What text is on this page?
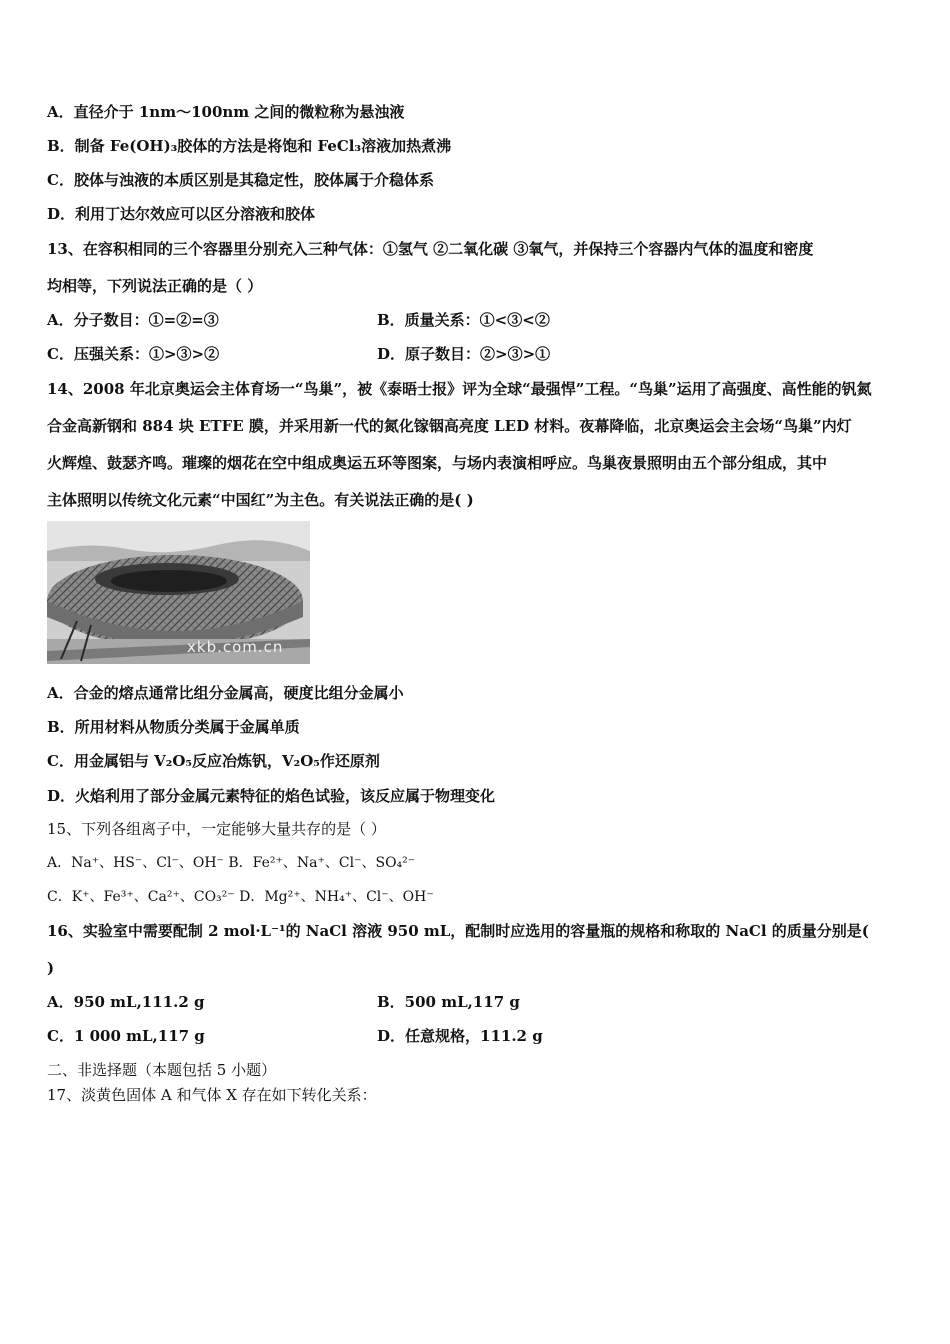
A．直径介于 1nm～100nm 之间的微粒称为悬浊液
B．制备 Fe(OH)₃胶体的方法是将饱和 FeCl₃溶液加热煮沸
C．胶体与浊液的本质区别是其稳定性，胶体属于介稳体系
D．利用丁达尔效应可以区分溶液和胶体
13、在容积相同的三个容器里分别充入三种气体：①氢气 ②二氧化碳 ③氧气，并保持三个容器内气体的温度和密度
均相等，下列说法正确的是（ ）
A．分子数目：①=②=③	B．质量关系：①<③<②
C．压强关系：①>③>②	D．原子数目：②>③>①
14、2008 年北京奥运会主体育场一“鸟巢”，被《泰晤士报》评为全球“最强悍”工程。“鸟巢”运用了高强度、高性能的钒氮
合金高新钢和 884 块 ETFE 膜，并采用新一代的氮化镓铟高亮度 LED 材料。夜幕降临，北京奥运会主会场“鸟巢”内灯
火辉煌、鼓瑟齐鸣。璀璨的烟花在空中组成奥运五环等图案，与场内表演相呼应。鸟巢夜景照明由五个部分组成，其中
主体照明以传统文化元素“中国红”为主色。有关说法正确的是( )
xkb.com.cn
A．合金的熔点通常比组分金属高，硬度比组分金属小
B．所用材料从物质分类属于金属单质
C．用金属铝与 V₂O₅反应冶炼钒，V₂O₅作还原剂
D．火焰利用了部分金属元素特征的焰色试验，该反应属于物理变化
15、下列各组离子中，一定能够大量共存的是（ ）
A．Na⁺、HS⁻、Cl⁻、OH⁻ B．Fe²⁺、Na⁺、Cl⁻、SO₄²⁻
C．K⁺、Fe³⁺、Ca²⁺、CO₃²⁻ D．Mg²⁺、NH₄⁺、Cl⁻、OH⁻
16、实验室中需要配制 2 mol·L⁻¹的 NaCl 溶液 950 mL，配制时应选用的容量瓶的规格和称取的 NaCl 的质量分别是(
)
A．950 mL,111.2 g	B．500 mL,117 g
C．1 000 mL,117 g	D．任意规格，111.2 g
二、非选择题（本题包括 5 小题）
17、淡黄色固体 A 和气体 X 存在如下转化关系：
